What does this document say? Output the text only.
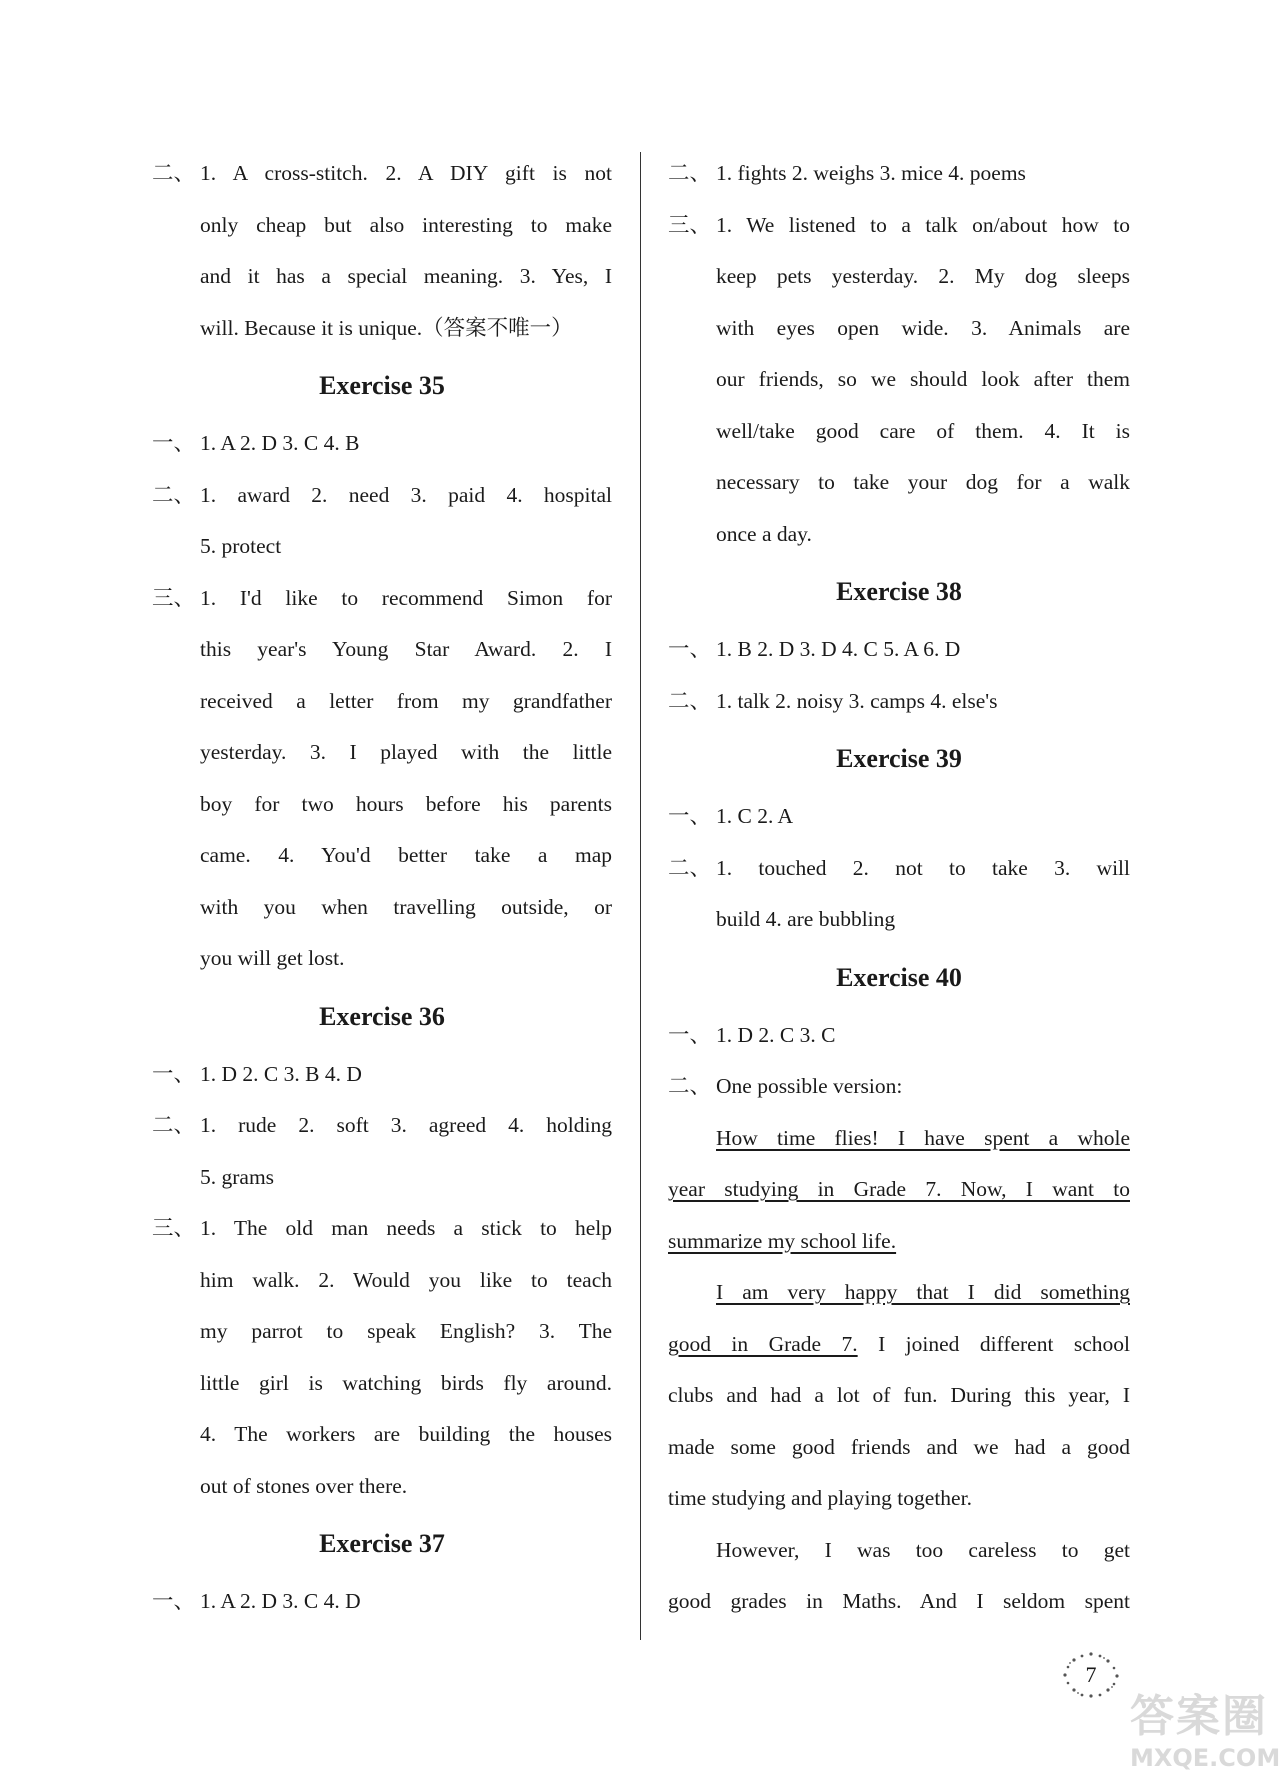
二、 1. A cross-stitch. 2. A DIY gift is not
only cheap but also interesting to make
and it has a special meaning. 3. Yes, I
will. Because it is unique.（答案不唯一）
Exercise 35
一、 1. A 2. D 3. C 4. B
二、 1. award 2. need 3. paid 4. hospital
5. protect
三、 1. I'd like to recommend Simon for
this year's Young Star Award. 2. I
received a letter from my grandfather
yesterday. 3. I played with the little
boy for two hours before his parents
came. 4. You'd better take a map
with you when travelling outside, or
you will get lost.
Exercise 36
一、 1. D 2. C 3. B 4. D
二、 1. rude 2. soft 3. agreed 4. holding
5. grams
三、 1. The old man needs a stick to help
him walk. 2. Would you like to teach
my parrot to speak English? 3. The
little girl is watching birds fly around.
4. The workers are building the houses
out of stones over there.
Exercise 37
一、 1. A 2. D 3. C 4. D
二、 1. fights 2. weighs 3. mice 4. poems
三、 1. We listened to a talk on/about how to
keep pets yesterday. 2. My dog sleeps
with eyes open wide. 3. Animals are
our friends, so we should look after them
well/take good care of them. 4. It is
necessary to take your dog for a walk
once a day.
Exercise 38
一、 1. B 2. D 3. D 4. C 5. A 6. D
二、 1. talk 2. noisy 3. camps 4. else's
Exercise 39
一、 1. C 2. A
二、 1. touched 2. not to take 3. will
build 4. are bubbling
Exercise 40
一、 1. D 2. C 3. C
二、 One possible version:
How time flies! I have spent a whole
year studying in Grade 7. Now, I want to
summarize my school life.
I am very happy that I did something
good in Grade 7. I joined different school
clubs and had a lot of fun. During this year, I
made some good friends and we had a good
time studying and playing together.
However, I was too careless to get
good grades in Maths. And I seldom spent
7
答案圈
MXQE.COM
